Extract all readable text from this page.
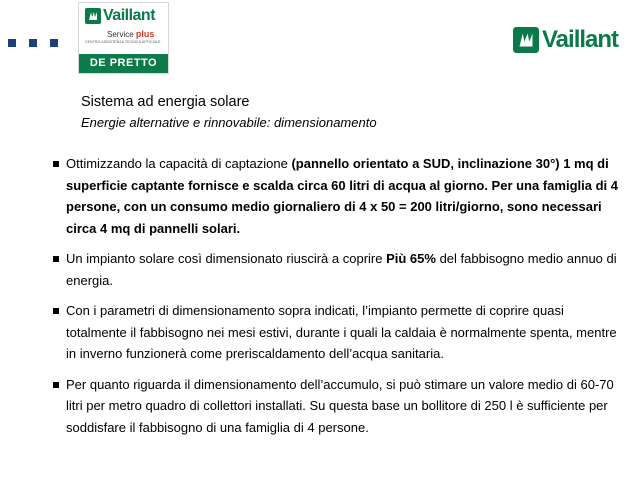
Vaillant
Service plus
CENTRO ASSISTENZA TECNICA UFFICIALE
DE PRETTO
Vaillant
Sistema ad energia solare
Energie alternative e rinnovabile: dimensionamento
Ottimizzando la capacità di captazione (pannello orientato a SUD, inclinazione 30°) 1 mq di superficie captante fornisce e scalda circa 60 litri di acqua al giorno. Per una famiglia di 4 persone, con un consumo medio giornaliero di 4 x 50 = 200 litri/giorno, sono necessari circa 4 mq di pannelli solari.
Un impianto solare così dimensionato riuscirà a coprire Più 65% del fabbisogno medio annuo di energia.
Con i parametri di dimensionamento sopra indicati, l’impianto permette di coprire quasi totalmente il fabbisogno nei mesi estivi, durante i quali la caldaia è normalmente spenta, mentre in inverno funzionerà come preriscaldamento dell’acqua sanitaria.
Per quanto riguarda il dimensionamento dell’accumulo, si può stimare un valore medio di 60-70 litri per metro quadro di collettori installati. Su questa base un bollitore di 250 l è sufficiente per soddisfare il fabbisogno di una famiglia di 4 persone.
